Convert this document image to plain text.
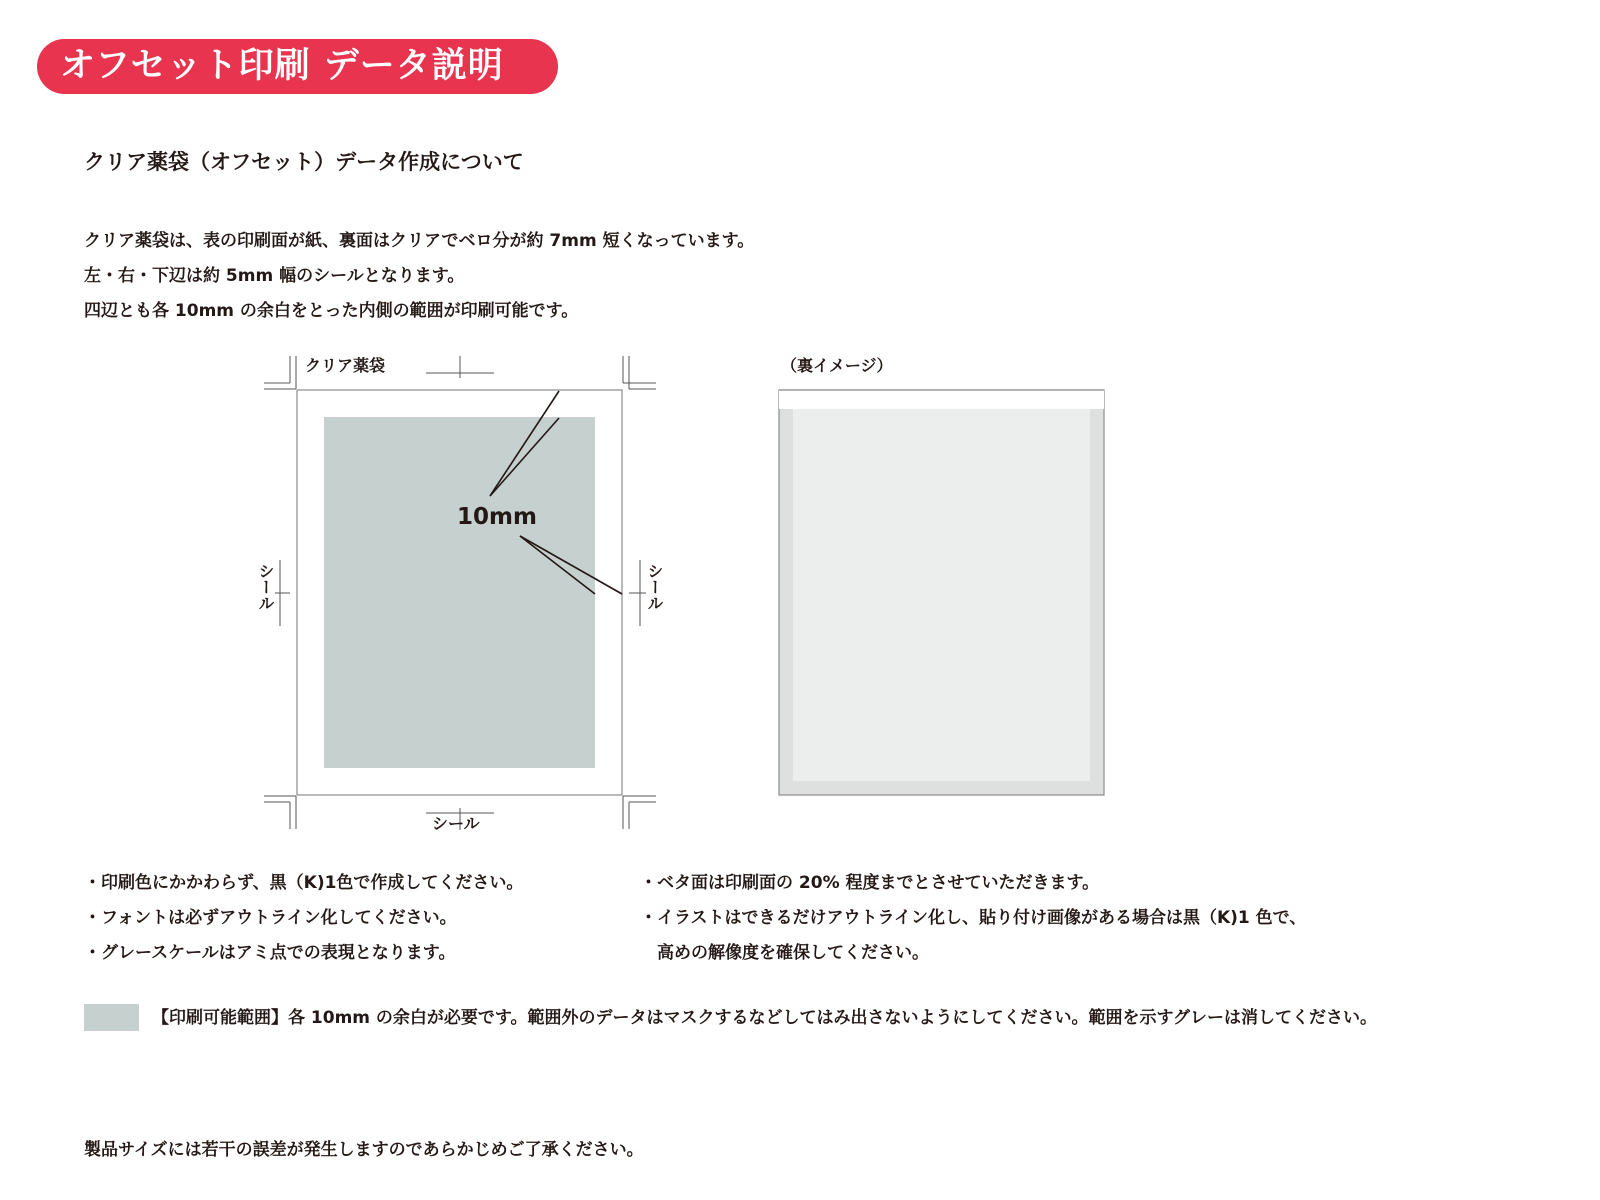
オフセット印刷 データ説明
クリア薬袋（オフセット）データ作成について
クリア薬袋は、表の印刷面が紙、裏面はクリアでベロ分が約 7mm 短くなっています。
左・右・下辺は約 5mm 幅のシールとなります。
四辺とも各 10mm の余白をとった内側の範囲が印刷可能です。
クリア薬袋
10mm
シール	シール
シール
（裏イメージ）
・印刷色にかかわらず、黒（K)1色で作成してください。
・フォントは必ずアウトライン化してください。
・グレースケールはアミ点での表現となります。
・ベタ面は印刷面の 20% 程度までとさせていただきます。
・イラストはできるだけアウトライン化し、貼り付け画像がある場合は黒（K)1 色で、
　高めの解像度を確保してください。
【印刷可能範囲】各 10mm の余白が必要です。範囲外のデータはマスクするなどしてはみ出さないようにしてください。範囲を示すグレーは消してください。
製品サイズには若干の誤差が発生しますのであらかじめご了承ください。
